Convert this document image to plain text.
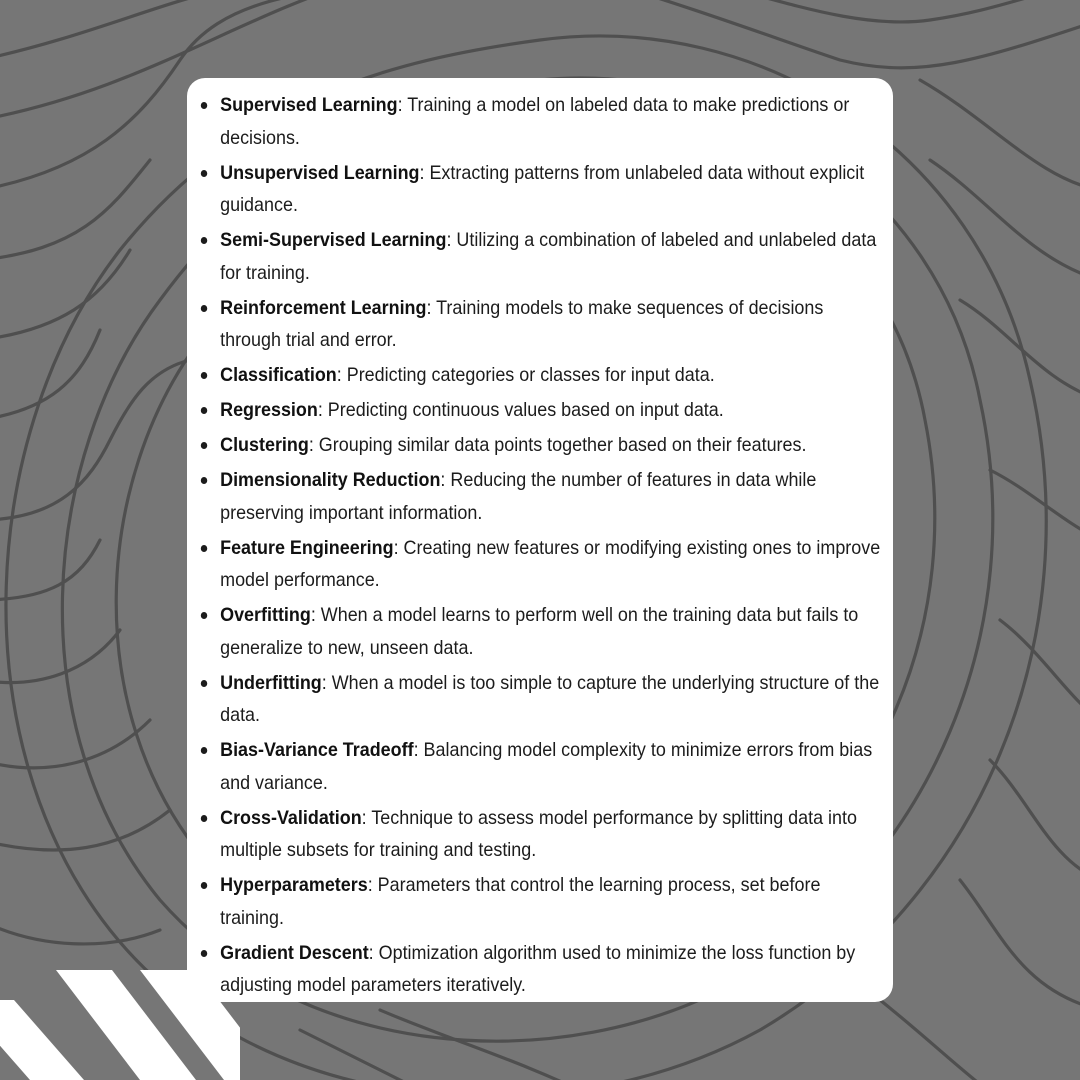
Supervised Learning: Training a model on labeled data to make predictions or decisions.
Unsupervised Learning: Extracting patterns from unlabeled data without explicit guidance.
Semi-Supervised Learning: Utilizing a combination of labeled and unlabeled data for training.
Reinforcement Learning: Training models to make sequences of decisions through trial and error.
Classification: Predicting categories or classes for input data.
Regression: Predicting continuous values based on input data.
Clustering: Grouping similar data points together based on their features.
Dimensionality Reduction: Reducing the number of features in data while preserving important information.
Feature Engineering: Creating new features or modifying existing ones to improve model performance.
Overfitting: When a model learns to perform well on the training data but fails to generalize to new, unseen data.
Underfitting: When a model is too simple to capture the underlying structure of the data.
Bias-Variance Tradeoff: Balancing model complexity to minimize errors from bias and variance.
Cross-Validation: Technique to assess model performance by splitting data into multiple subsets for training and testing.
Hyperparameters: Parameters that control the learning process, set before training.
Gradient Descent: Optimization algorithm used to minimize the loss function by adjusting model parameters iteratively.
